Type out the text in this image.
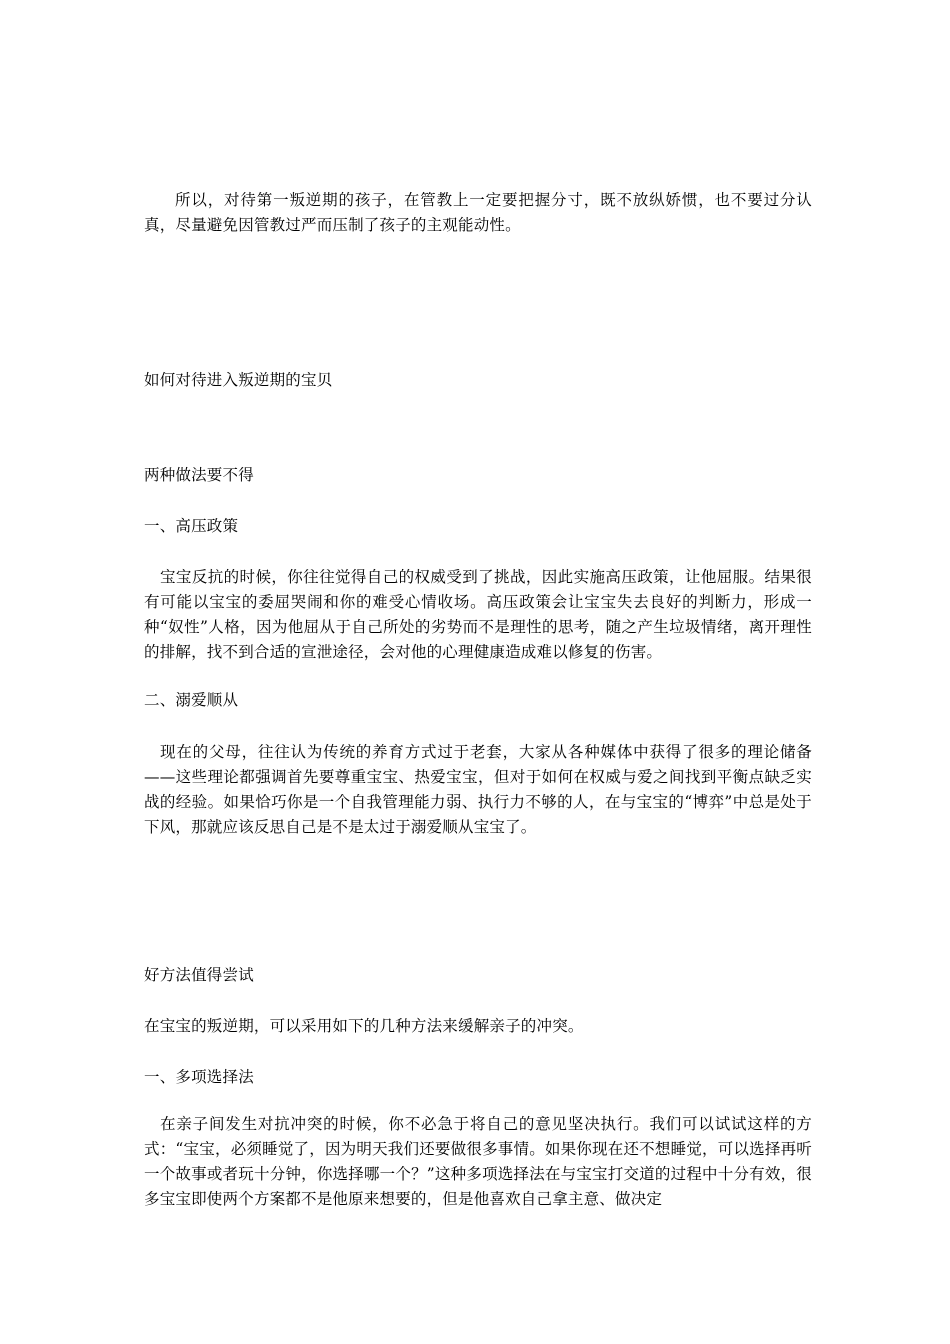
所以，对待第一叛逆期的孩子，在管教上一定要把握分寸，既不放纵娇惯，也不要过分认真，尽量避免因管教过严而压制了孩子的主观能动性。

如何对待进入叛逆期的宝贝

两种做法要不得

一、高压政策

宝宝反抗的时候，你往往觉得自己的权威受到了挑战，因此实施高压政策，让他屈服。结果很有可能以宝宝的委屈哭闹和你的难受心情收场。高压政策会让宝宝失去良好的判断力，形成一种“奴性”人格，因为他屈从于自己所处的劣势而不是理性的思考，随之产生垃圾情绪，离开理性的排解，找不到合适的宣泄途径，会对他的心理健康造成难以修复的伤害。

二、溺爱顺从

现在的父母，往往认为传统的养育方式过于老套，大家从各种媒体中获得了很多的理论储备——这些理论都强调首先要尊重宝宝、热爱宝宝，但对于如何在权威与爱之间找到平衡点缺乏实战的经验。如果恰巧你是一个自我管理能力弱、执行力不够的人，在与宝宝的“博弈”中总是处于下风，那就应该反思自己是不是太过于溺爱顺从宝宝了。

好方法值得尝试

在宝宝的叛逆期，可以采用如下的几种方法来缓解亲子的冲突。

一、多项选择法

在亲子间发生对抗冲突的时候，你不必急于将自己的意见坚决执行。我们可以试试这样的方式：“宝宝，必须睡觉了，因为明天我们还要做很多事情。如果你现在还不想睡觉，可以选择再听一个故事或者玩十分钟，你选择哪一个？”这种多项选择法在与宝宝打交道的过程中十分有效，很多宝宝即使两个方案都不是他原来想要的，但是他喜欢自己拿主意、做决定
